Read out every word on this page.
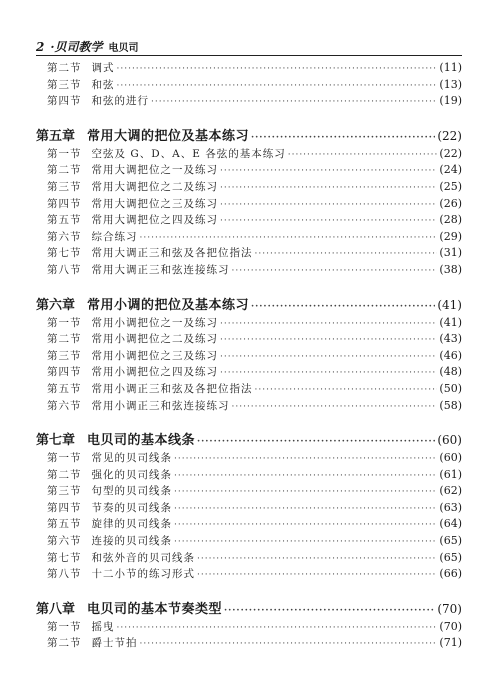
2 ·贝司教学 电贝司
第二节 调式 ·····	(11)
第三节 和弦 ·····	(13)
第四节 和弦的进行 ·····	(19)
第五章 常用大调的把位及基本练习 ·····	(22)
第一节 空弦及 G、D、A、E 各弦的基本练习 ·····	(22)
第二节 常用大调把位之一及练习 ·····	(24)
第三节 常用大调把位之二及练习 ·····	(25)
第四节 常用大调把位之三及练习 ·····	(26)
第五节 常用大调把位之四及练习 ·····	(28)
第六节 综合练习 ·····	(29)
第七节 常用大调正三和弦及各把位指法 ·····	(31)
第八节 常用大调正三和弦连接练习 ·····	(38)
第六章 常用小调的把位及基本练习 ·····	(41)
第一节 常用小调把位之一及练习 ·····	(41)
第二节 常用小调把位之二及练习 ·····	(43)
第三节 常用小调把位之三及练习 ·····	(46)
第四节 常用小调把位之四及练习 ·····	(48)
第五节 常用小调正三和弦及各把位指法 ·····	(50)
第六节 常用小调正三和弦连接练习 ·····	(58)
第七章 电贝司的基本线条 ·····	(60)
第一节 常见的贝司线条 ·····	(60)
第二节 强化的贝司线条 ·····	(61)
第三节 句型的贝司线条 ·····	(62)
第四节 节奏的贝司线条 ·····	(63)
第五节 旋律的贝司线条 ·····	(64)
第六节 连接的贝司线条 ·····	(65)
第七节 和弦外音的贝司线条 ·····	(65)
第八节 十二小节的练习形式 ·····	(66)
第八章 电贝司的基本节奏类型 ·····	(70)
第一节 摇曳 ·····	(70)
第二节 爵士节拍 ·····	(71)
